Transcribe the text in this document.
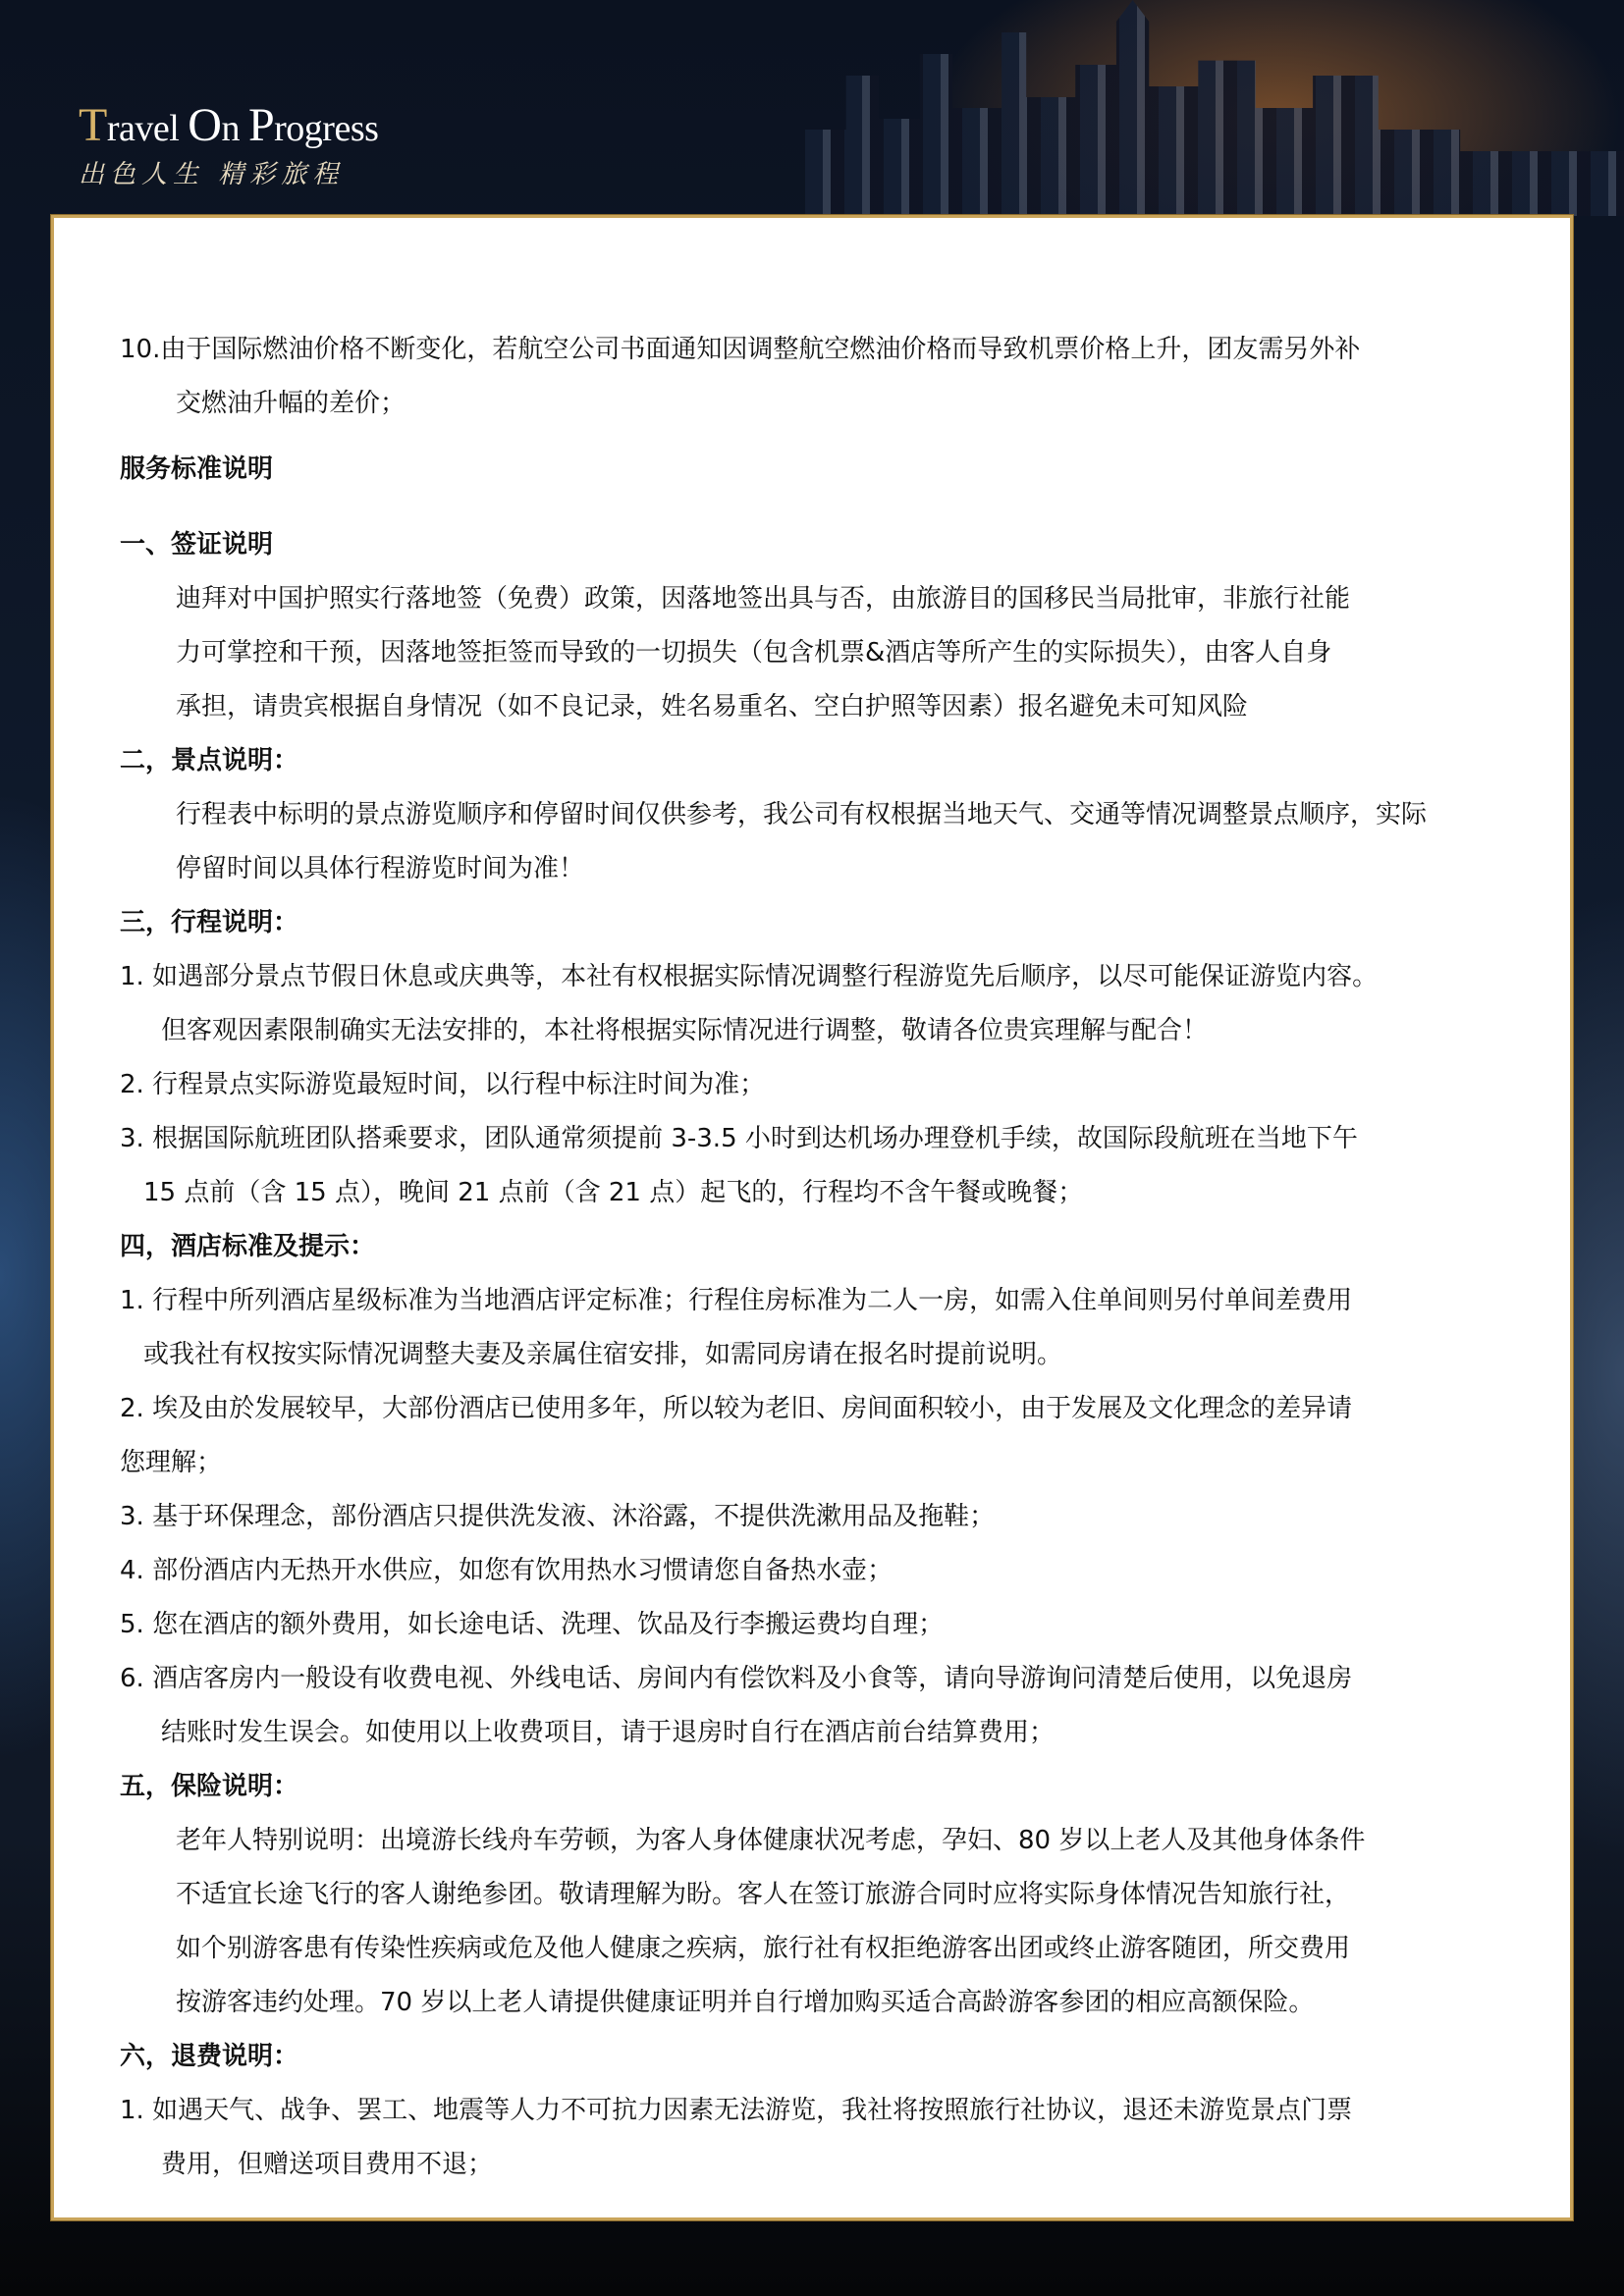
Travel On Progress
出色人生 精彩旅程
10.由于国际燃油价格不断变化，若航空公司书面通知因调整航空燃油价格而导致机票价格上升，团友需另外补
交燃油升幅的差价；
服务标准说明
一、签证说明
迪拜对中国护照实行落地签（免费）政策，因落地签出具与否，由旅游目的国移民当局批审，非旅行社能
力可掌控和干预，因落地签拒签而导致的一切损失（包含机票&酒店等所产生的实际损失），由客人自身
承担，请贵宾根据自身情况（如不良记录，姓名易重名、空白护照等因素）报名避免未可知风险
二，景点说明：
行程表中标明的景点游览顺序和停留时间仅供参考，我公司有权根据当地天气、交通等情况调整景点顺序，实际
停留时间以具体行程游览时间为准！
三，行程说明：
1. 如遇部分景点节假日休息或庆典等，本社有权根据实际情况调整行程游览先后顺序，以尽可能保证游览内容。
但客观因素限制确实无法安排的，本社将根据实际情况进行调整，敬请各位贵宾理解与配合！
2. 行程景点实际游览最短时间，以行程中标注时间为准；
3. 根据国际航班团队搭乘要求，团队通常须提前 3-3.5 小时到达机场办理登机手续，故国际段航班在当地下午
15 点前（含 15 点），晚间 21 点前（含 21 点）起飞的，行程均不含午餐或晚餐；
四，酒店标准及提示：
1. 行程中所列酒店星级标准为当地酒店评定标准；行程住房标准为二人一房，如需入住单间则另付单间差费用
或我社有权按实际情况调整夫妻及亲属住宿安排，如需同房请在报名时提前说明。
2. 埃及由於发展较早，大部份酒店已使用多年，所以较为老旧、房间面积较小，由于发展及文化理念的差异请
您理解；
3. 基于环保理念，部份酒店只提供洗发液、沐浴露，不提供洗漱用品及拖鞋；
4. 部份酒店内无热开水供应，如您有饮用热水习惯请您自备热水壶；
5. 您在酒店的额外费用，如长途电话、洗理、饮品及行李搬运费均自理；
6. 酒店客房内一般设有收费电视、外线电话、房间内有偿饮料及小食等，请向导游询问清楚后使用，以免退房
结账时发生误会。如使用以上收费项目，请于退房时自行在酒店前台结算费用；
五，保险说明：
老年人特别说明：出境游长线舟车劳顿，为客人身体健康状况考虑，孕妇、80 岁以上老人及其他身体条件
不适宜长途飞行的客人谢绝参团。敬请理解为盼。客人在签订旅游合同时应将实际身体情况告知旅行社，
如个别游客患有传染性疾病或危及他人健康之疾病，旅行社有权拒绝游客出团或终止游客随团，所交费用
按游客违约处理。70 岁以上老人请提供健康证明并自行增加购买适合高龄游客参团的相应高额保险。
六，退费说明：
1. 如遇天气、战争、罢工、地震等人力不可抗力因素无法游览，我社将按照旅行社协议，退还未游览景点门票
费用，但赠送项目费用不退；
